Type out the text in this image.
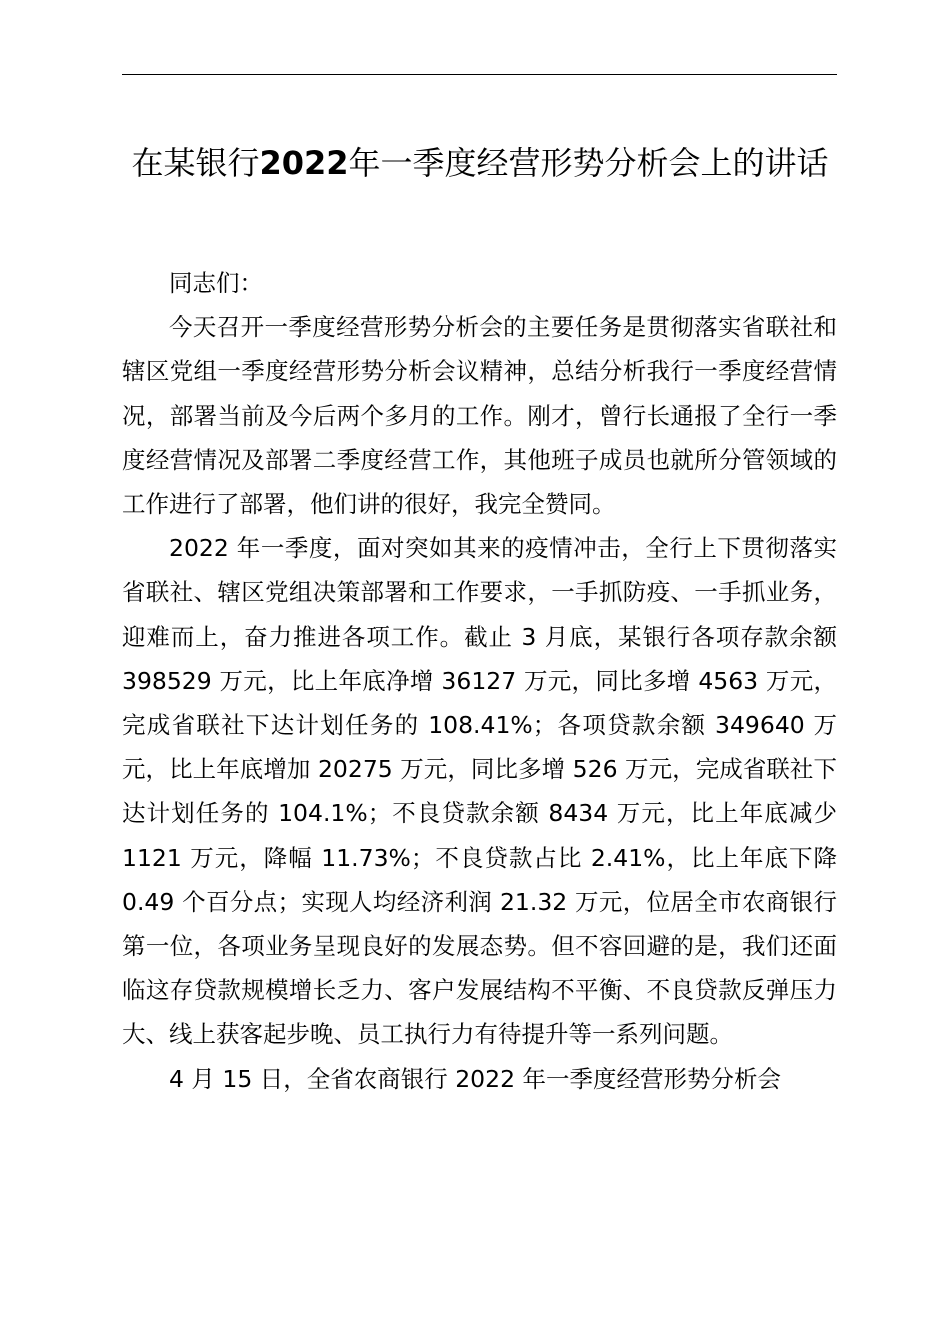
在某银行2022年一季度经营形势分析会上的讲话

同志们：

今天召开一季度经营形势分析会的主要任务是贯彻落实省联社和辖区党组一季度经营形势分析会议精神，总结分析我行一季度经营情况，部署当前及今后两个多月的工作。刚才，曾行长通报了全行一季度经营情况及部署二季度经营工作，其他班子成员也就所分管领域的工作进行了部署，他们讲的很好，我完全赞同。

2022 年一季度，面对突如其来的疫情冲击，全行上下贯彻落实省联社、辖区党组决策部署和工作要求，一手抓防疫、一手抓业务，迎难而上，奋力推进各项工作。截止 3 月底，某银行各项存款余额 398529 万元，比上年底净增 36127 万元，同比多增 4563 万元，完成省联社下达计划任务的 108.41%；各项贷款余额 349640 万元，比上年底增加 20275 万元，同比多增 526 万元，完成省联社下达计划任务的 104.1%；不良贷款余额 8434 万元，比上年底减少 1121 万元，降幅 11.73%；不良贷款占比 2.41%，比上年底下降 0.49 个百分点；实现人均经济利润 21.32 万元，位居全市农商银行第一位，各项业务呈现良好的发展态势。但不容回避的是，我们还面临这存贷款规模增长乏力、客户发展结构不平衡、不良贷款反弹压力大、线上获客起步晚、员工执行力有待提升等一系列问题。

4 月 15 日，全省农商银行 2022 年一季度经营形势分析会
